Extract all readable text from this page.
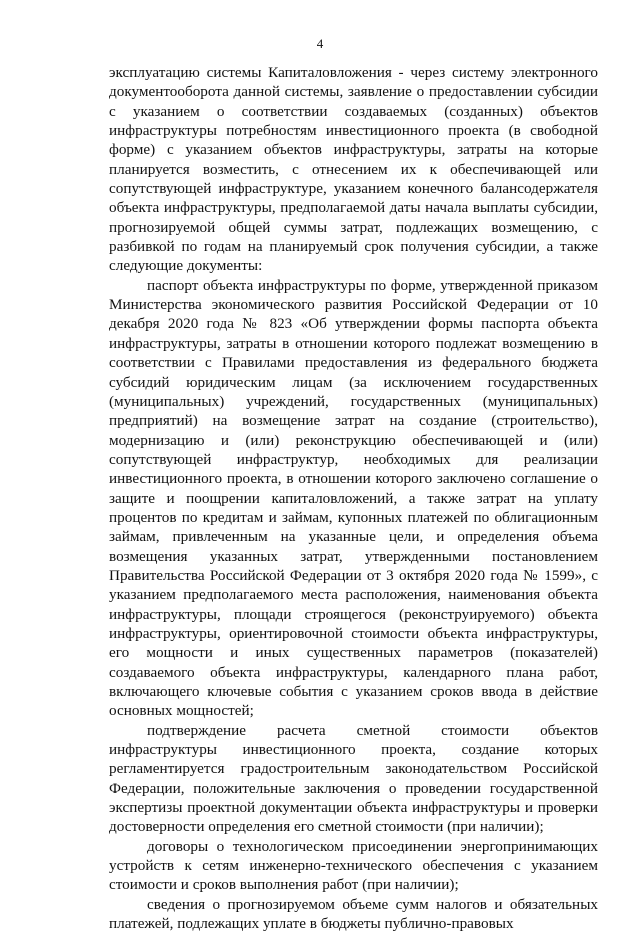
4

эксплуатацию системы Капиталовложения - через систему электронного документооборота данной системы, заявление о предоставлении субсидии с указанием о соответствии создаваемых (созданных) объектов инфраструктуры потребностям инвестиционного проекта (в свободной форме) с указанием объектов инфраструктуры, затраты на которые планируется возместить, с отнесением их к обеспечивающей или сопутствующей инфраструктуре, указанием конечного балансодержателя объекта инфраструктуры, предполагаемой даты начала выплаты субсидии, прогнозируемой общей суммы затрат, подлежащих возмещению, с разбивкой по годам на планируемый срок получения субсидии, а также следующие документы:

паспорт объекта инфраструктуры по форме, утвержденной приказом Министерства экономического развития Российской Федерации от 10 декабря 2020 года № 823 «Об утверждении формы паспорта объекта инфраструктуры, затраты в отношении которого подлежат возмещению в соответствии с Правилами предоставления из федерального бюджета субсидий юридическим лицам (за исключением государственных (муниципальных) учреждений, государственных (муниципальных) предприятий) на возмещение затрат на создание (строительство), модернизацию и (или) реконструкцию обеспечивающей и (или) сопутствующей инфраструктур, необходимых для реализации инвестиционного проекта, в отношении которого заключено соглашение о защите и поощрении капиталовложений, а также затрат на уплату процентов по кредитам и займам, купонных платежей по облигационным займам, привлеченным на указанные цели, и определения объема возмещения указанных затрат, утвержденными постановлением Правительства Российской Федерации от 3 октября 2020 года № 1599», с указанием предполагаемого места расположения, наименования объекта инфраструктуры, площади строящегося (реконструируемого) объекта инфраструктуры, ориентировочной стоимости объекта инфраструктуры, его мощности и иных существенных параметров (показателей) создаваемого объекта инфраструктуры, календарного плана работ, включающего ключевые события с указанием сроков ввода в действие основных мощностей;

подтверждение расчета сметной стоимости объектов инфраструктуры инвестиционного проекта, создание которых регламентируется градостроительным законодательством Российской Федерации, положительные заключения о проведении государственной экспертизы проектной документации объекта инфраструктуры и проверки достоверности определения его сметной стоимости (при наличии);

договоры о технологическом присоединении энергопринимающих устройств к сетям инженерно-технического обеспечения с указанием стоимости и сроков выполнения работ (при наличии);

сведения о прогнозируемом объеме сумм налогов и обязательных платежей, подлежащих уплате в бюджеты публично-правовых
